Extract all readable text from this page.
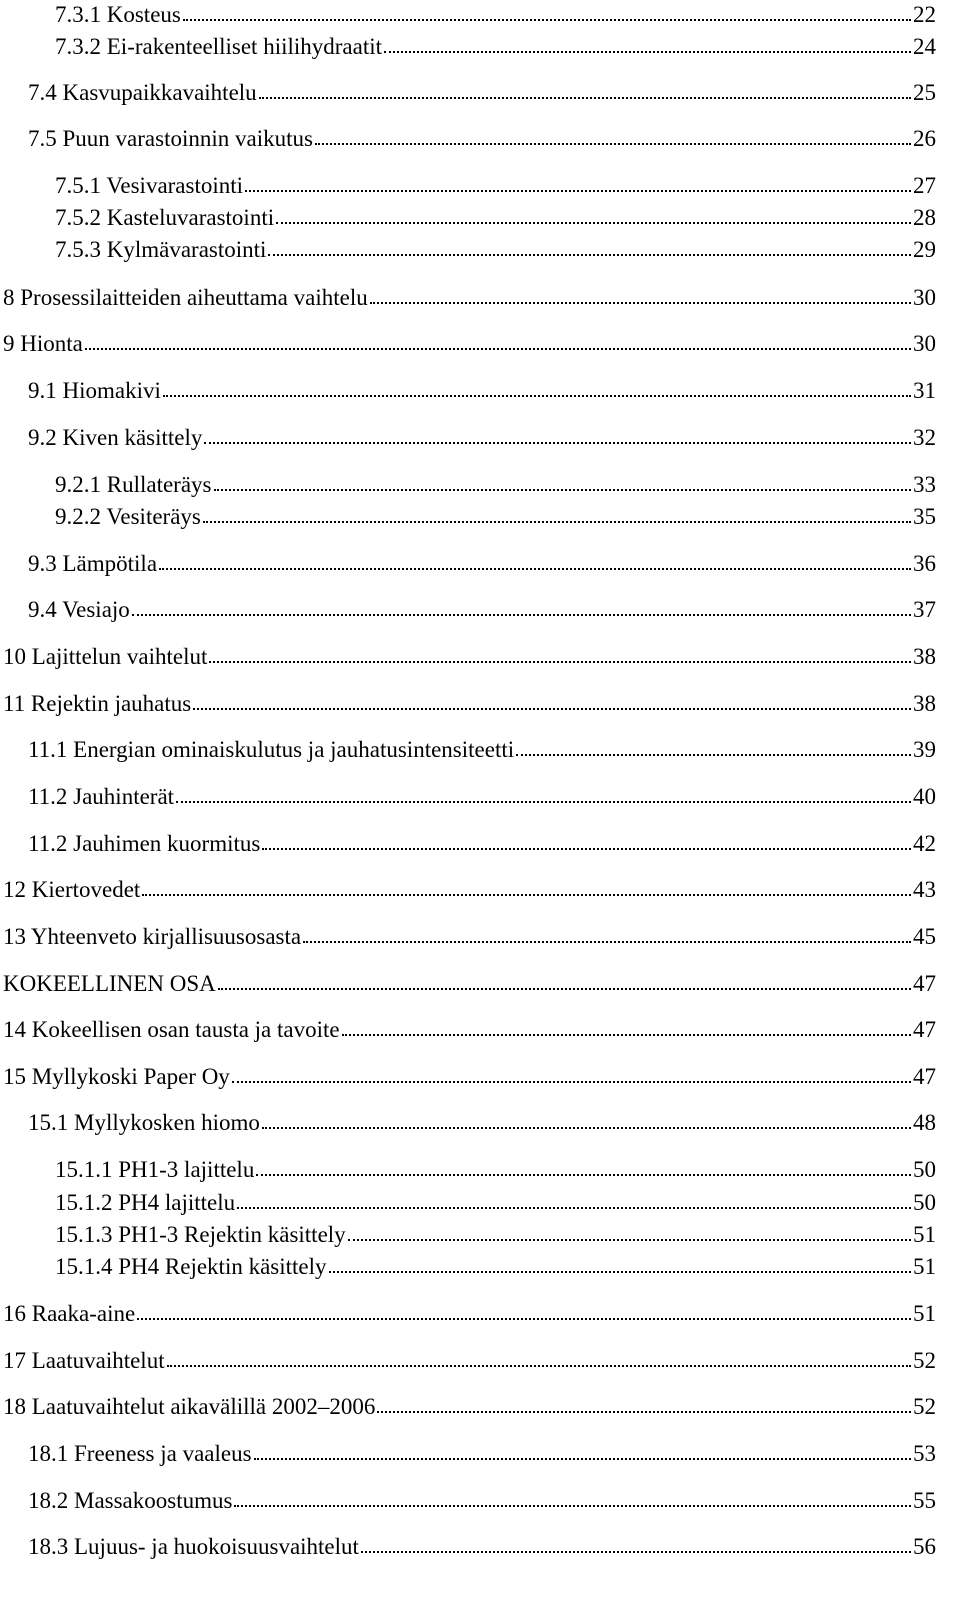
7.3.1 Kosteus	22
7.3.2 Ei-rakenteelliset hiilihydraatit	24
7.4 Kasvupaikkavaihtelu	25
7.5 Puun varastoinnin vaikutus	26
7.5.1 Vesivarastointi	27
7.5.2 Kasteluvarastointi	28
7.5.3 Kylmävarastointi	29
8 Prosessilaitteiden aiheuttama vaihtelu	30
9 Hionta	30
9.1 Hiomakivi	31
9.2 Kiven käsittely	32
9.2.1 Rullateräys	33
9.2.2 Vesiteräys	35
9.3 Lämpötila	36
9.4 Vesiajo	37
10 Lajittelun vaihtelut	38
11 Rejektin jauhatus	38
11.1 Energian ominaiskulutus ja jauhatusintensiteetti	39
11.2 Jauhinterät	40
11.2 Jauhimen kuormitus	42
12 Kiertovedet	43
13 Yhteenveto kirjallisuusosasta	45
KOKEELLINEN OSA	47
14 Kokeellisen osan tausta ja tavoite	47
15 Myllykoski Paper Oy	47
15.1 Myllykosken hiomo	48
15.1.1 PH1-3 lajittelu	50
15.1.2 PH4 lajittelu	50
15.1.3 PH1-3 Rejektin käsittely	51
15.1.4 PH4 Rejektin käsittely	51
16 Raaka-aine	51
17 Laatuvaihtelut	52
18 Laatuvaihtelut aikavälillä 2002–2006	52
18.1 Freeness ja vaaleus	53
18.2 Massakoostumus	55
18.3 Lujuus- ja huokoisuusvaihtelut	56
